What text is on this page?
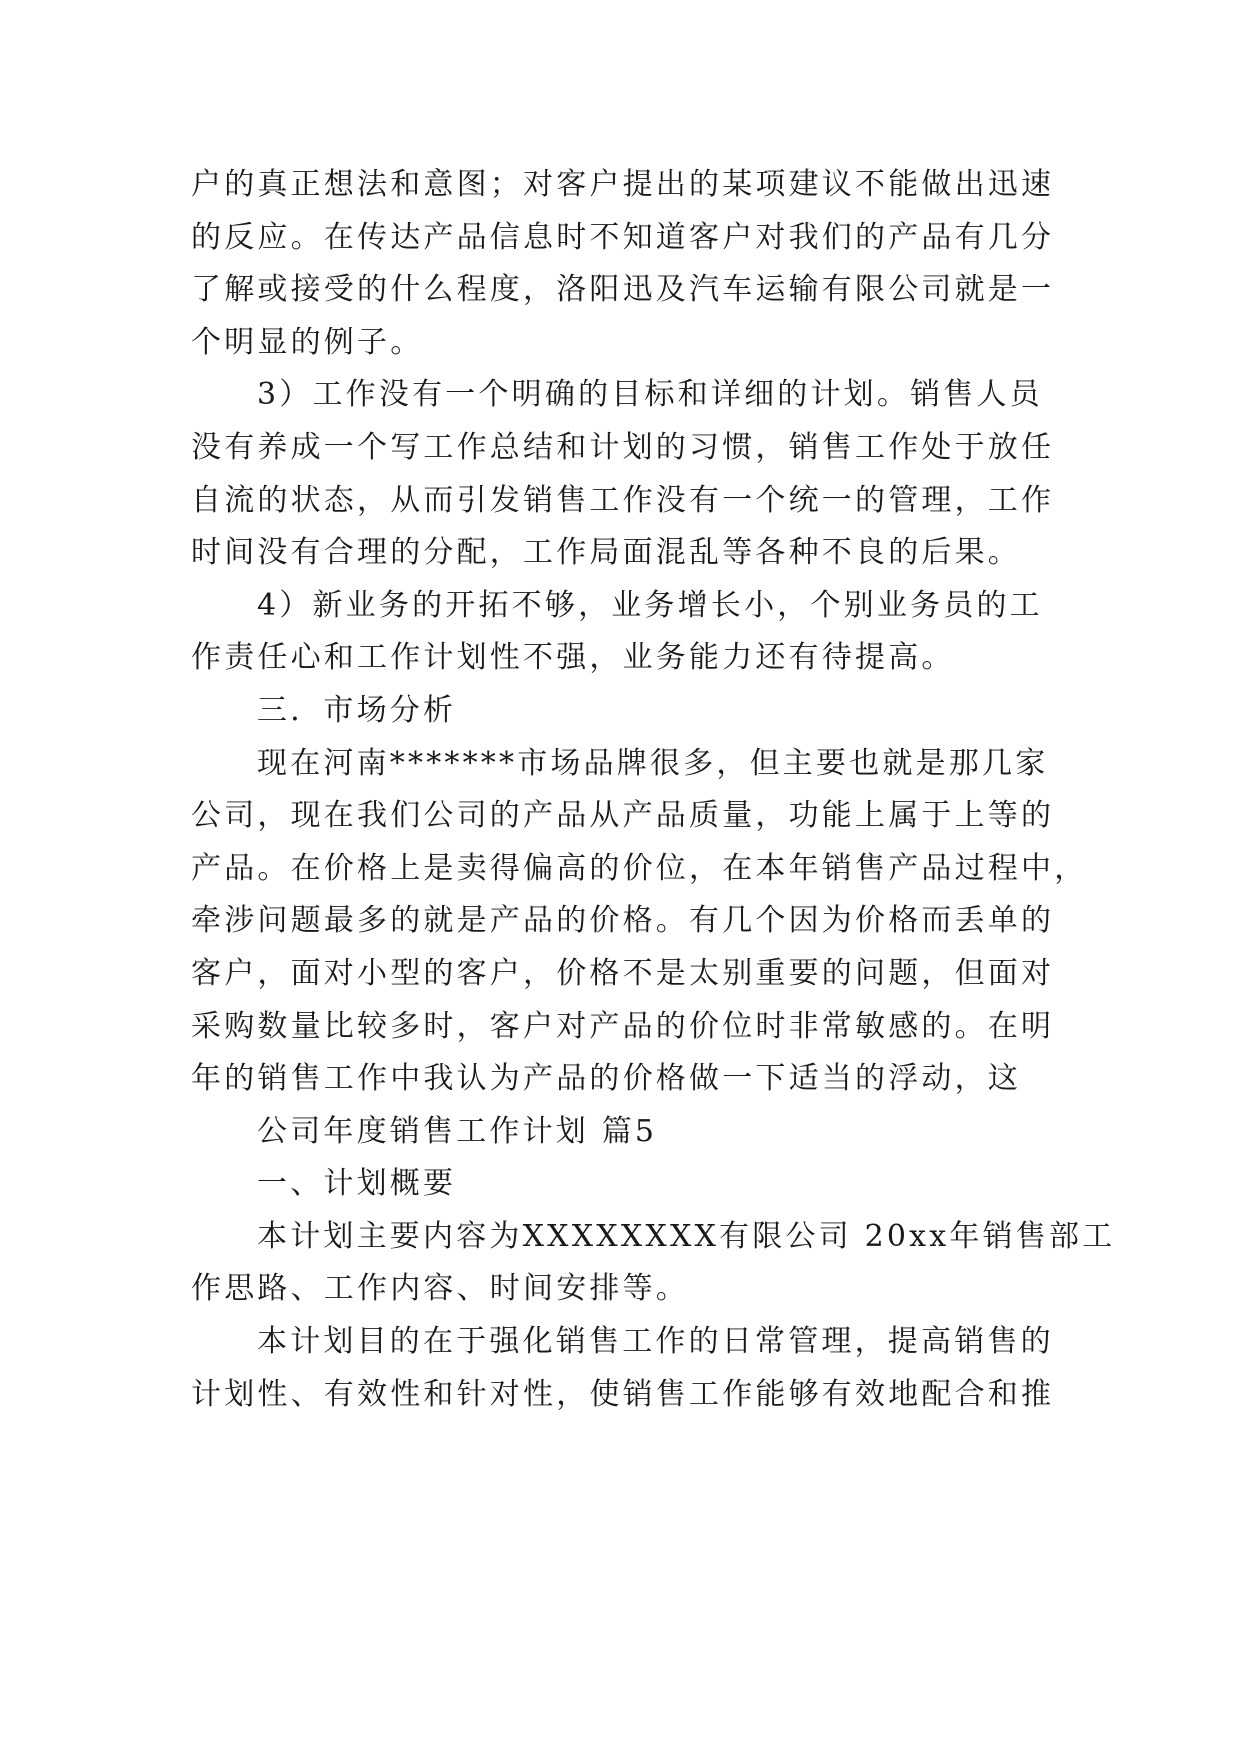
户的真正想法和意图；对客户提出的某项建议不能做出迅速
的反应。在传达产品信息时不知道客户对我们的产品有几分
了解或接受的什么程度，洛阳迅及汽车运输有限公司就是一
个明显的例子。
3）工作没有一个明确的目标和详细的计划。销售人员
没有养成一个写工作总结和计划的习惯，销售工作处于放任
自流的状态，从而引发销售工作没有一个统一的管理，工作
时间没有合理的分配，工作局面混乱等各种不良的后果。
4）新业务的开拓不够，业务增长小，个别业务员的工
作责任心和工作计划性不强，业务能力还有待提高。
三．市场分析
现在河南*******市场品牌很多，但主要也就是那几家
公司，现在我们公司的产品从产品质量，功能上属于上等的
产品。在价格上是卖得偏高的价位，在本年销售产品过程中，
牵涉问题最多的就是产品的价格。有几个因为价格而丢单的
客户，面对小型的客户，价格不是太别重要的问题，但面对
采购数量比较多时，客户对产品的价位时非常敏感的。在明
年的销售工作中我认为产品的价格做一下适当的浮动，这
公司年度销售工作计划 篇5
一、计划概要
本计划主要内容为XXXXXXXX有限公司 20xx年销售部工
作思路、工作内容、时间安排等。
本计划目的在于强化销售工作的日常管理，提高销售的
计划性、有效性和针对性，使销售工作能够有效地配合和推
